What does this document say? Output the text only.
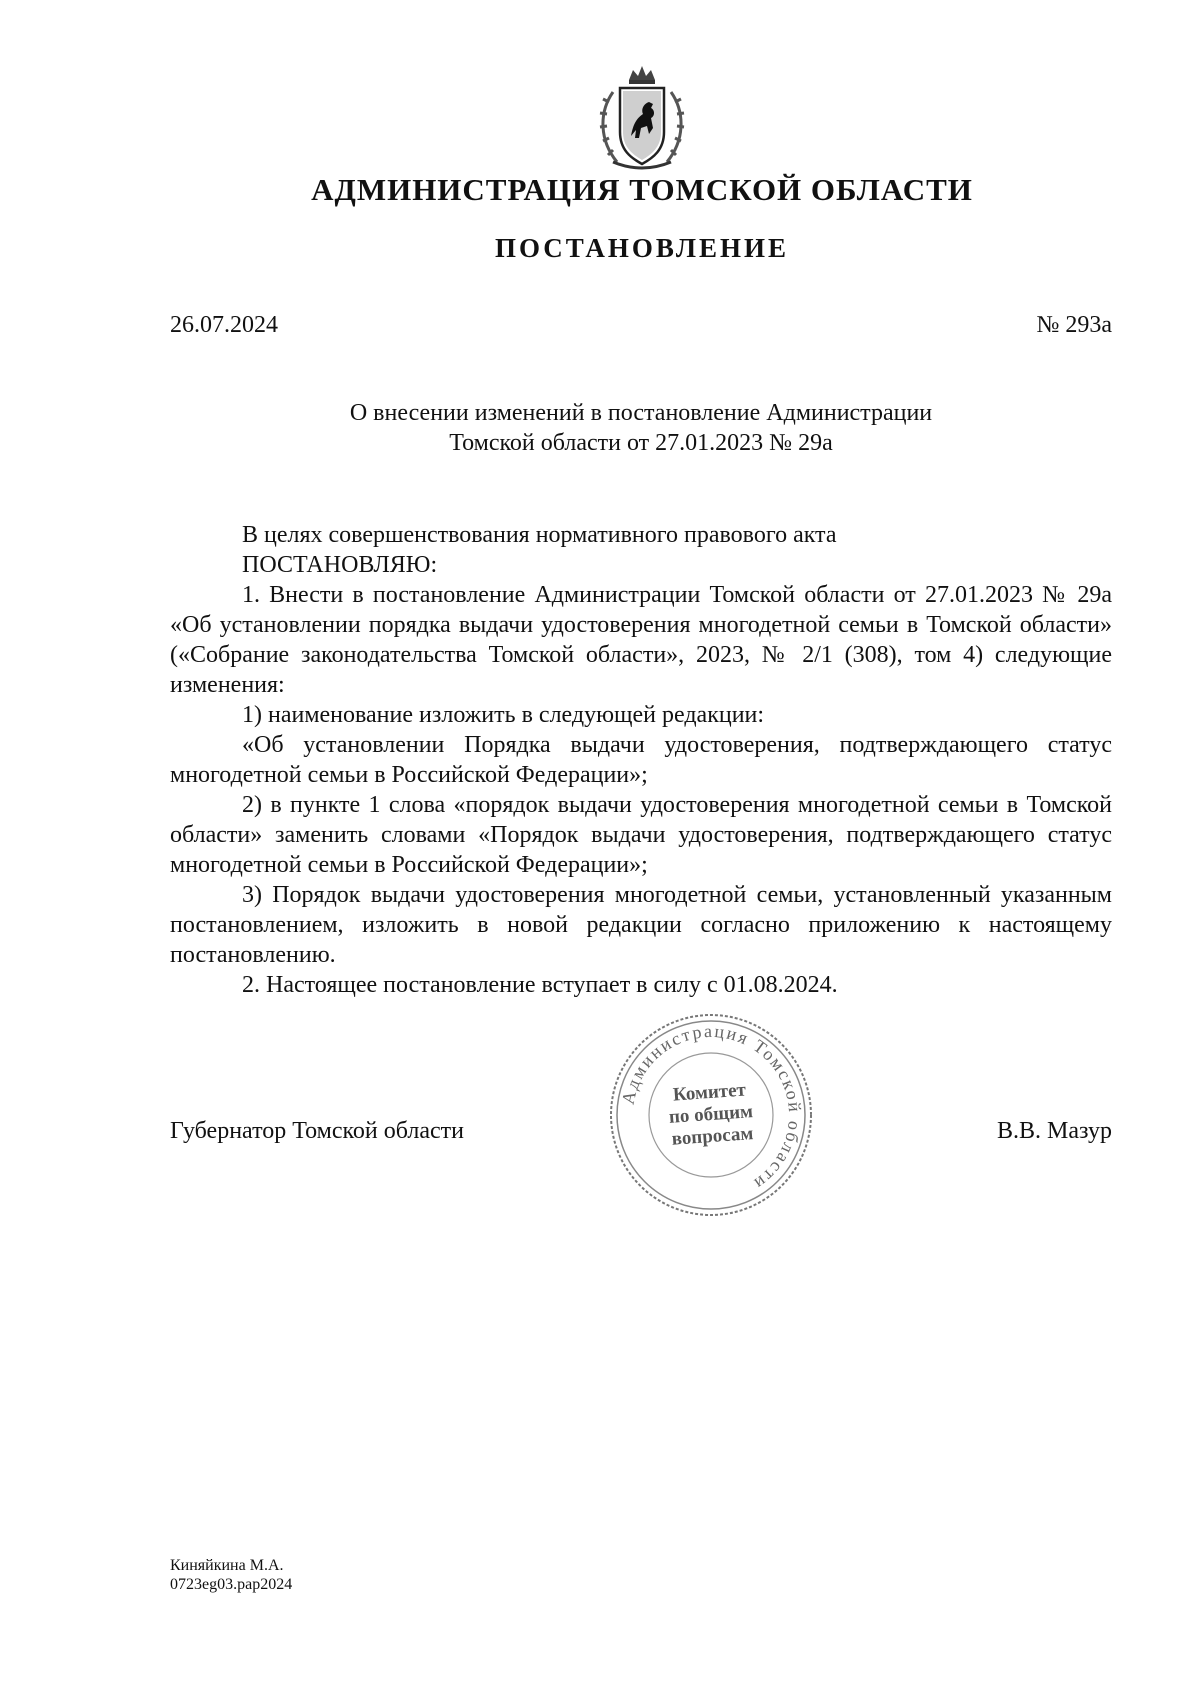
АДМИНИСТРАЦИЯ ТОМСКОЙ ОБЛАСТИ
ПОСТАНОВЛЕНИЕ
26.07.2024	№ 293а
О внесении изменений в постановление Администрации
Томской области от 27.01.2023 № 29а

В целях совершенствования нормативного правового акта

ПОСТАНОВЛЯЮ:

1. Внести в постановление Администрации Томской области от 27.01.2023 № 29а «Об установлении порядка выдачи удостоверения многодетной семьи в Томской области» («Собрание законодательства Томской области», 2023, № 2/1 (308), том 4) следующие изменения:

1) наименование изложить в следующей редакции:

«Об установлении Порядка выдачи удостоверения, подтверждающего статус многодетной семьи в Российской Федерации»;

2) в пункте 1 слова «порядок выдачи удостоверения многодетной семьи в Томской области» заменить словами «Порядок выдачи удостоверения, подтверждающего статус многодетной семьи в Российской Федерации»;

3) Порядок выдачи удостоверения многодетной семьи, установленный указанным постановлением, изложить в новой редакции согласно приложению к настоящему постановлению.

2. Настоящее постановление вступает в силу с 01.08.2024.

Губернатор Томской области	В.В. Мазур
Администрация Томской области
Комитет
по общим
вопросам
Киняйкина М.А.
0723eg03.pap2024
